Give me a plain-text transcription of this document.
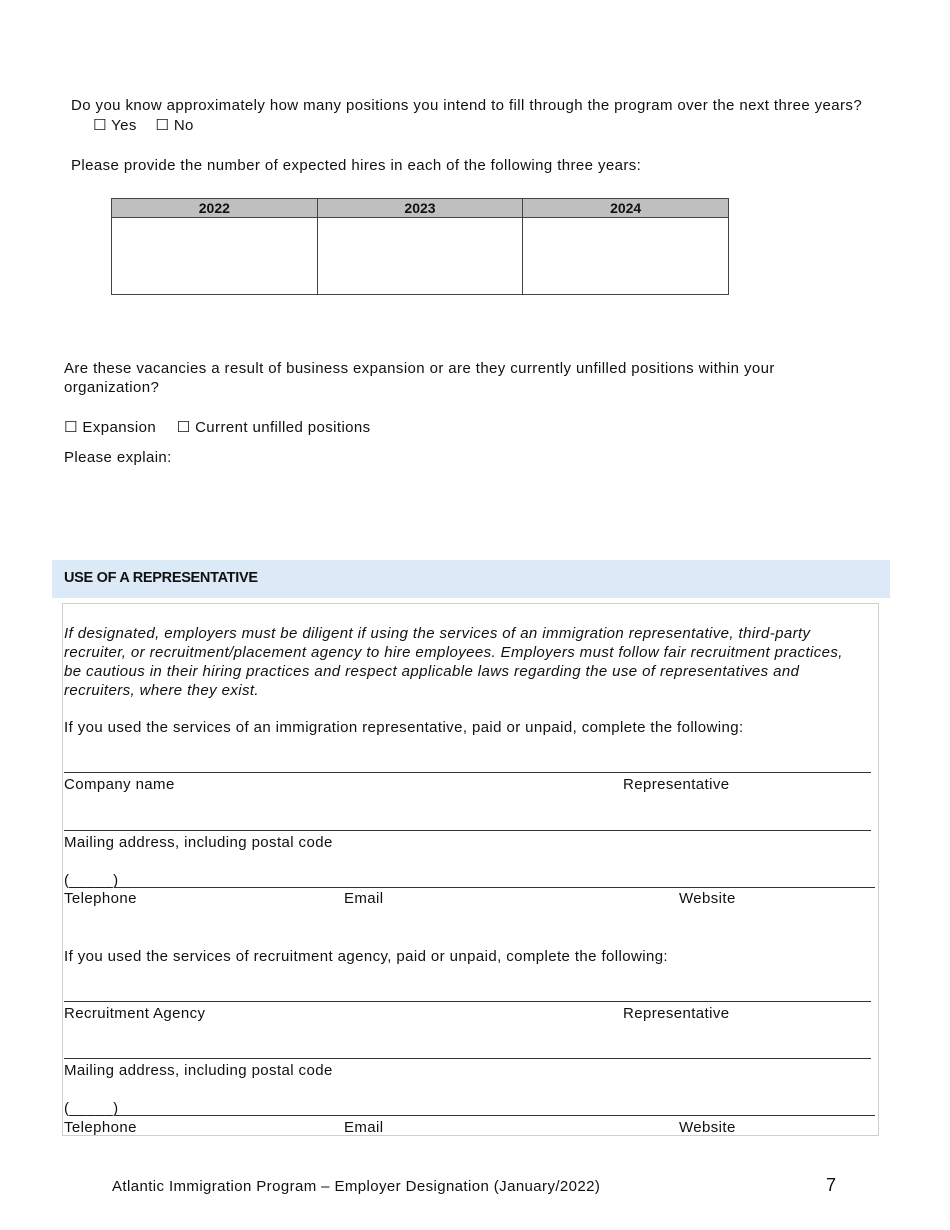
Do you know approximately how many positions you intend to fill through the program over the next three years?  ☐ Yes ☐ No
Please provide the number of expected hires in each of the following three years:
2022	2023	2024

Are these vacancies a result of business expansion or are they currently unfilled positions within your organization?
☐ Expansion ☐ Current unfilled positions
Please explain:
USE OF A REPRESENTATIVE
If designated, employers must be diligent if using the services of an immigration representative, third-party recruiter, or recruitment/placement agency to hire employees. Employers must follow fair recruitment practices, be cautious in their hiring practices and respect applicable laws regarding the use of representatives and recruiters, where they exist.
If you used the services of an immigration representative, paid or unpaid, complete the following:
Company name	Representative
Mailing address, including postal code
(_____)
Telephone	Email	Website
If you used the services of recruitment agency, paid or unpaid, complete the following:
Recruitment Agency	Representative
Mailing address, including postal code
(_____)
Telephone	Email	Website
Atlantic Immigration Program – Employer Designation (January/2022)	7
